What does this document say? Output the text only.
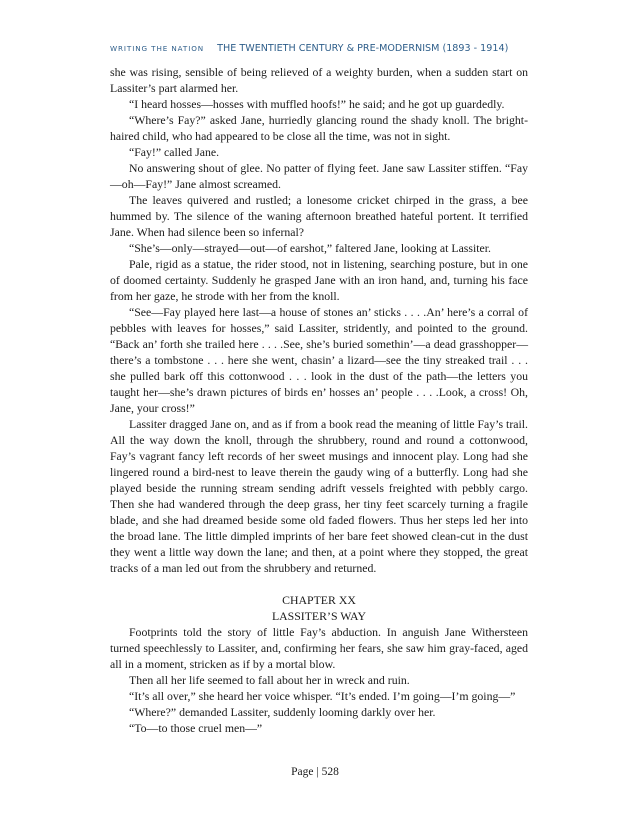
WRITING THE NATION THE TWENTIETH CENTURY & PRE-MODERNISM (1893 - 1914)

she was rising, sensible of being relieved of a weighty burden, when a sudden start on Lassiter’s part alarmed her.

“I heard hosses—hosses with muffled hoofs!” he said; and he got up guardedly.

“Where’s Fay?” asked Jane, hurriedly glancing round the shady knoll. The bright-haired child, who had appeared to be close all the time, was not in sight.

“Fay!” called Jane.

No answering shout of glee. No patter of flying feet. Jane saw Lassiter stiffen. “Fay—oh—Fay!” Jane almost screamed.

The leaves quivered and rustled; a lonesome cricket chirped in the grass, a bee hummed by. The silence of the waning afternoon breathed hateful portent. It terrified Jane. When had silence been so infernal?

“She’s—only—strayed—out—of earshot,” faltered Jane, looking at Lassiter.

Pale, rigid as a statue, the rider stood, not in listening, searching posture, but in one of doomed certainty. Suddenly he grasped Jane with an iron hand, and, turning his face from her gaze, he strode with her from the knoll.

“See—Fay played here last—a house of stones an’ sticks . . . .An’ here’s a corral of pebbles with leaves for hosses,” said Lassiter, stridently, and pointed to the ground. “Back an’ forth she trailed here . . . .See, she’s buried somethin’—a dead grasshopper—there’s a tombstone . . . here she went, chasin’ a lizard—see the tiny streaked trail . . . she pulled bark off this cottonwood . . . look in the dust of the path—the letters you taught her—she’s drawn pictures of birds en’ hosses an’ people . . . .Look, a cross! Oh, Jane, your cross!”

Lassiter dragged Jane on, and as if from a book read the meaning of little Fay’s trail. All the way down the knoll, through the shrubbery, round and round a cottonwood, Fay’s vagrant fancy left records of her sweet musings and innocent play. Long had she lingered round a bird-nest to leave therein the gaudy wing of a butterfly. Long had she played beside the running stream sending adrift vessels freighted with pebbly cargo. Then she had wandered through the deep grass, her tiny feet scarcely turning a fragile blade, and she had dreamed beside some old faded flowers. Thus her steps led her into the broad lane. The little dimpled imprints of her bare feet showed clean-cut in the dust they went a little way down the lane; and then, at a point where they stopped, the great tracks of a man led out from the shrubbery and returned.

CHAPTER XX
LASSITER’S WAY

Footprints told the story of little Fay’s abduction. In anguish Jane Withersteen turned speechlessly to Lassiter, and, confirming her fears, she saw him gray-faced, aged all in a moment, stricken as if by a mortal blow.

Then all her life seemed to fall about her in wreck and ruin.

“It’s all over,” she heard her voice whisper. “It’s ended. I’m going—I’m going—”

“Where?” demanded Lassiter, suddenly looming darkly over her.

“To—to those cruel men—”

Page | 528
